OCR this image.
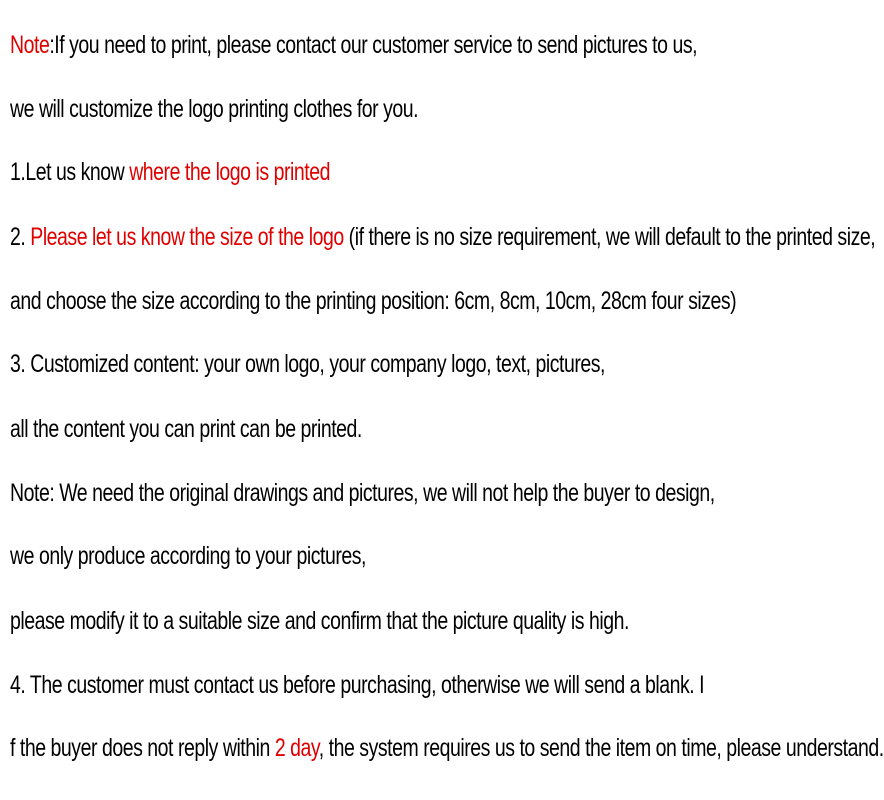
Note:If you need to print, please contact our customer service to send pictures to us,
we will customize the logo printing clothes for you.
1.Let us know where the logo is printed
2. Please let us know the size of the logo (if there is no size requirement, we will default to the printed size,
and choose the size according to the printing position: 6cm, 8cm, 10cm, 28cm four sizes)
3. Customized content: your own logo, your company logo, text, pictures,
all the content you can print can be printed.
Note: We need the original drawings and pictures, we will not help the buyer to design,
we only produce according to your pictures,
please modify it to a suitable size and confirm that the picture quality is high.
4. The customer must contact us before purchasing, otherwise we will send a blank. I
f the buyer does not reply within 2 day, the system requires us to send the item on time, please understand.
